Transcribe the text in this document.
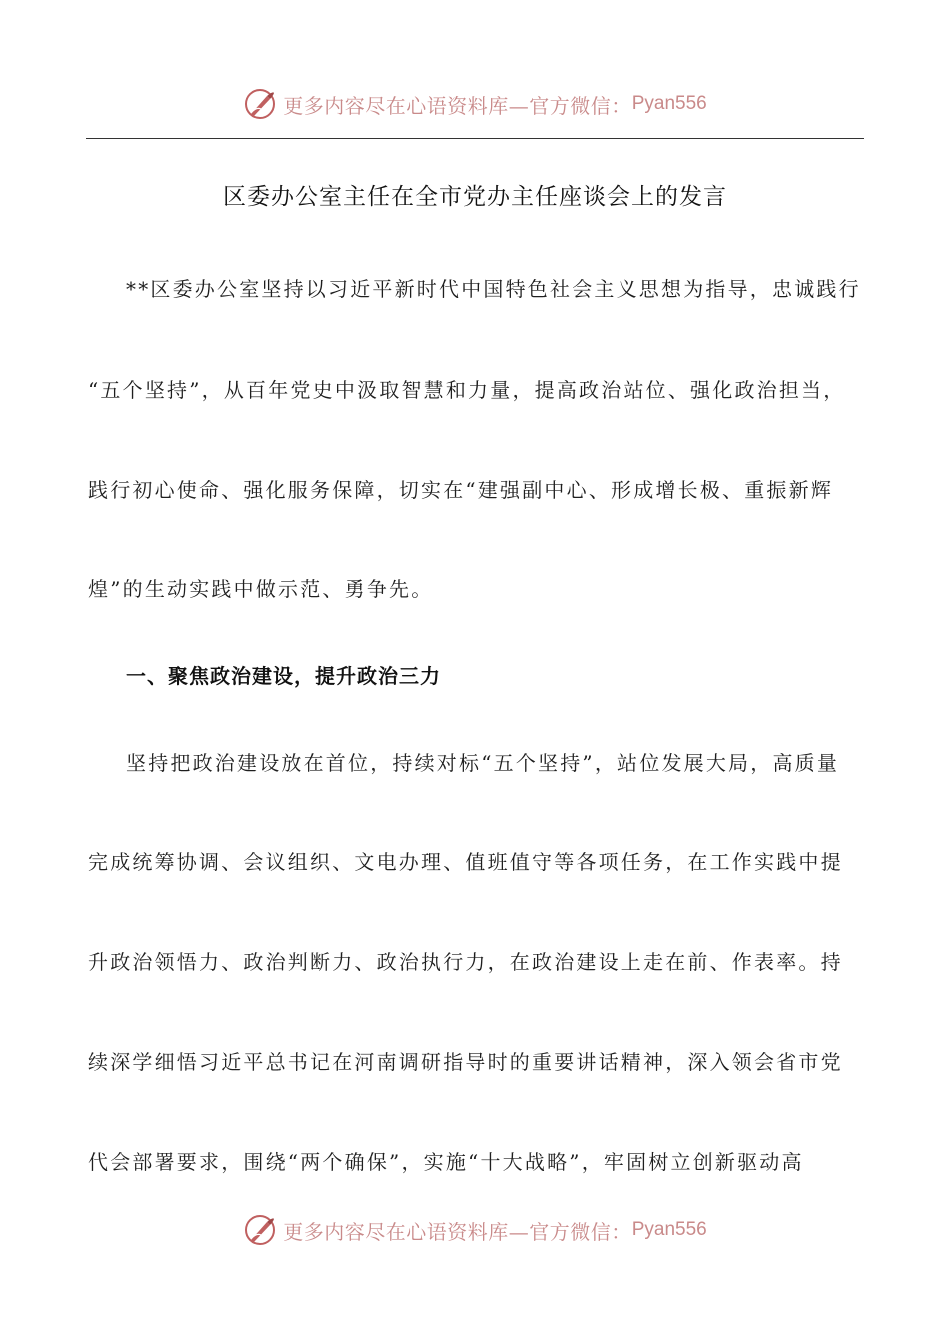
更多内容尽在心语资料库—官方微信： Pyan556
区委办公室主任在全市党办主任座谈会上的发言
**区委办公室坚持以习近平新时代中国特色社会主义思想为指导，忠诚践行
“五个坚持”，从百年党史中汲取智慧和力量，提高政治站位、强化政治担当，
践行初心使命、强化服务保障，切实在“建强副中心、形成增长极、重振新辉
煌”的生动实践中做示范、勇争先。
一、聚焦政治建设，提升政治三力
坚持把政治建设放在首位，持续对标“五个坚持”，站位发展大局，高质量
完成统筹协调、会议组织、文电办理、值班值守等各项任务，在工作实践中提
升政治领悟力、政治判断力、政治执行力，在政治建设上走在前、作表率。持
续深学细悟习近平总书记在河南调研指导时的重要讲话精神，深入领会省市党
代会部署要求，围绕“两个确保”，实施“十大战略”，牢固树立创新驱动高
更多内容尽在心语资料库—官方微信： Pyan556
